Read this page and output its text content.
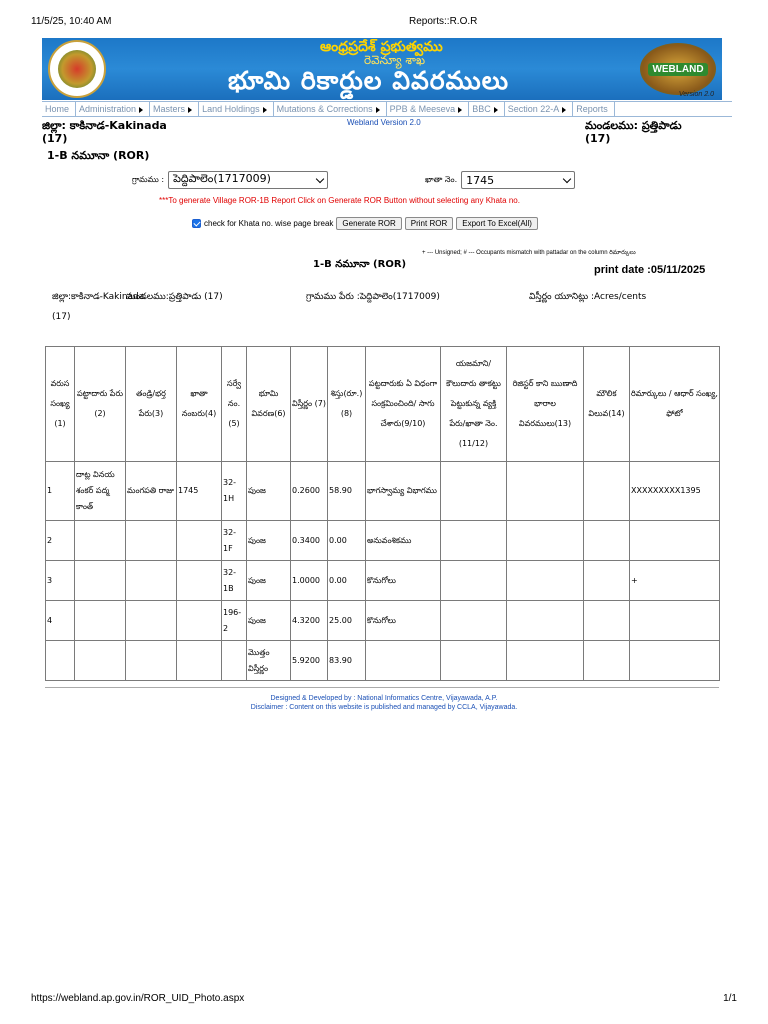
11/5/25, 10:40 AM	Reports::R.O.R
ఆంధ్రప్రదేశ్ ప్రభుత్వము
రెవెన్యూ శాఖ
భూమి రికార్డుల వివరములు	WEBLAND
Version 2.0
Home Administration Masters Land Holdings Mutations & Corrections PPB & Meeseva BBC Section 22-A Reports
జిల్లా: కాకినాడ-Kakinada
(17)
Webland Version 2.0	మండలము: ప్రత్తిపాడు
(17)
1-B నమూనా (ROR)
గ్రామము : పెద్దిపాలెం(1717009)	ఖాతా నెం. 1745
***To generate Village ROR-1B Report Click on Generate ROR Button without selecting any Khata no.
check for Khata no. wise page break	Generate ROR	Print ROR	Export To Excel(All)
+ --- Unsigned; # --- Occupants mismatch with pattadar on the column రిమార్కులు
1-B నమూనా (ROR)	print date :05/11/2025
జిల్లా:కాకినాడ-Kakinada (17)
మండలము:ప్రత్తిపాడు (17)	గ్రామము పేరు :పెద్దిపాలెం(1717009)	విస్తీర్ణం యూనిట్లు :Acres/cents
వరుస సంఖ్య (1)	పట్టాదారు పేరు (2)	తండ్రి/భర్త పేరు(3)	ఖాతా నంబరు(4)	సర్వే నం. (5)	భూమి వివరణ(6)	విస్తీర్ణం (7)	శిస్తు(రూ.) (8)	పట్టదారుకు ఏ విధంగా సంక్రమించింది/ సాగు చేశారు(9/10)	యజమాని/ కౌలుదారు తాకట్టు పెట్టుకున్న వ్యక్తి పేరు/ఖాతా నెం. (11/12)	రిజిస్టర్ కాని ఋణాది భారాల వివరములు(13)	మౌలిక విలువ(14)	రిమార్కులు / ఆధార్ సంఖ్య, ఫోటో
1	దాట్ల వినయ శంకర్ పద్మ కాంత్	మంగపతి రాజు	1745	32-1H	పుంజ	0.2600	58.90	భాగస్వామ్య విభాగము				XXXXXXXXX1395
2				32-1F	పుంజ	0.3400	0.00	అనువంశికము				
3				32-1B	పుంజ	1.0000	0.00	కొనుగోలు				+
4				196-2	పుంజ	4.3200	25.00	కొనుగోలు				
					మొత్తం విస్తీర్ణం	5.9200	83.90					
Designed & Developed by : National Informatics Centre, Vijayawada, A.P.
Disclaimer : Content on this website is published and managed by CCLA, Vijayawada.
https://webland.ap.gov.in/ROR_UID_Photo.aspx	1/1
